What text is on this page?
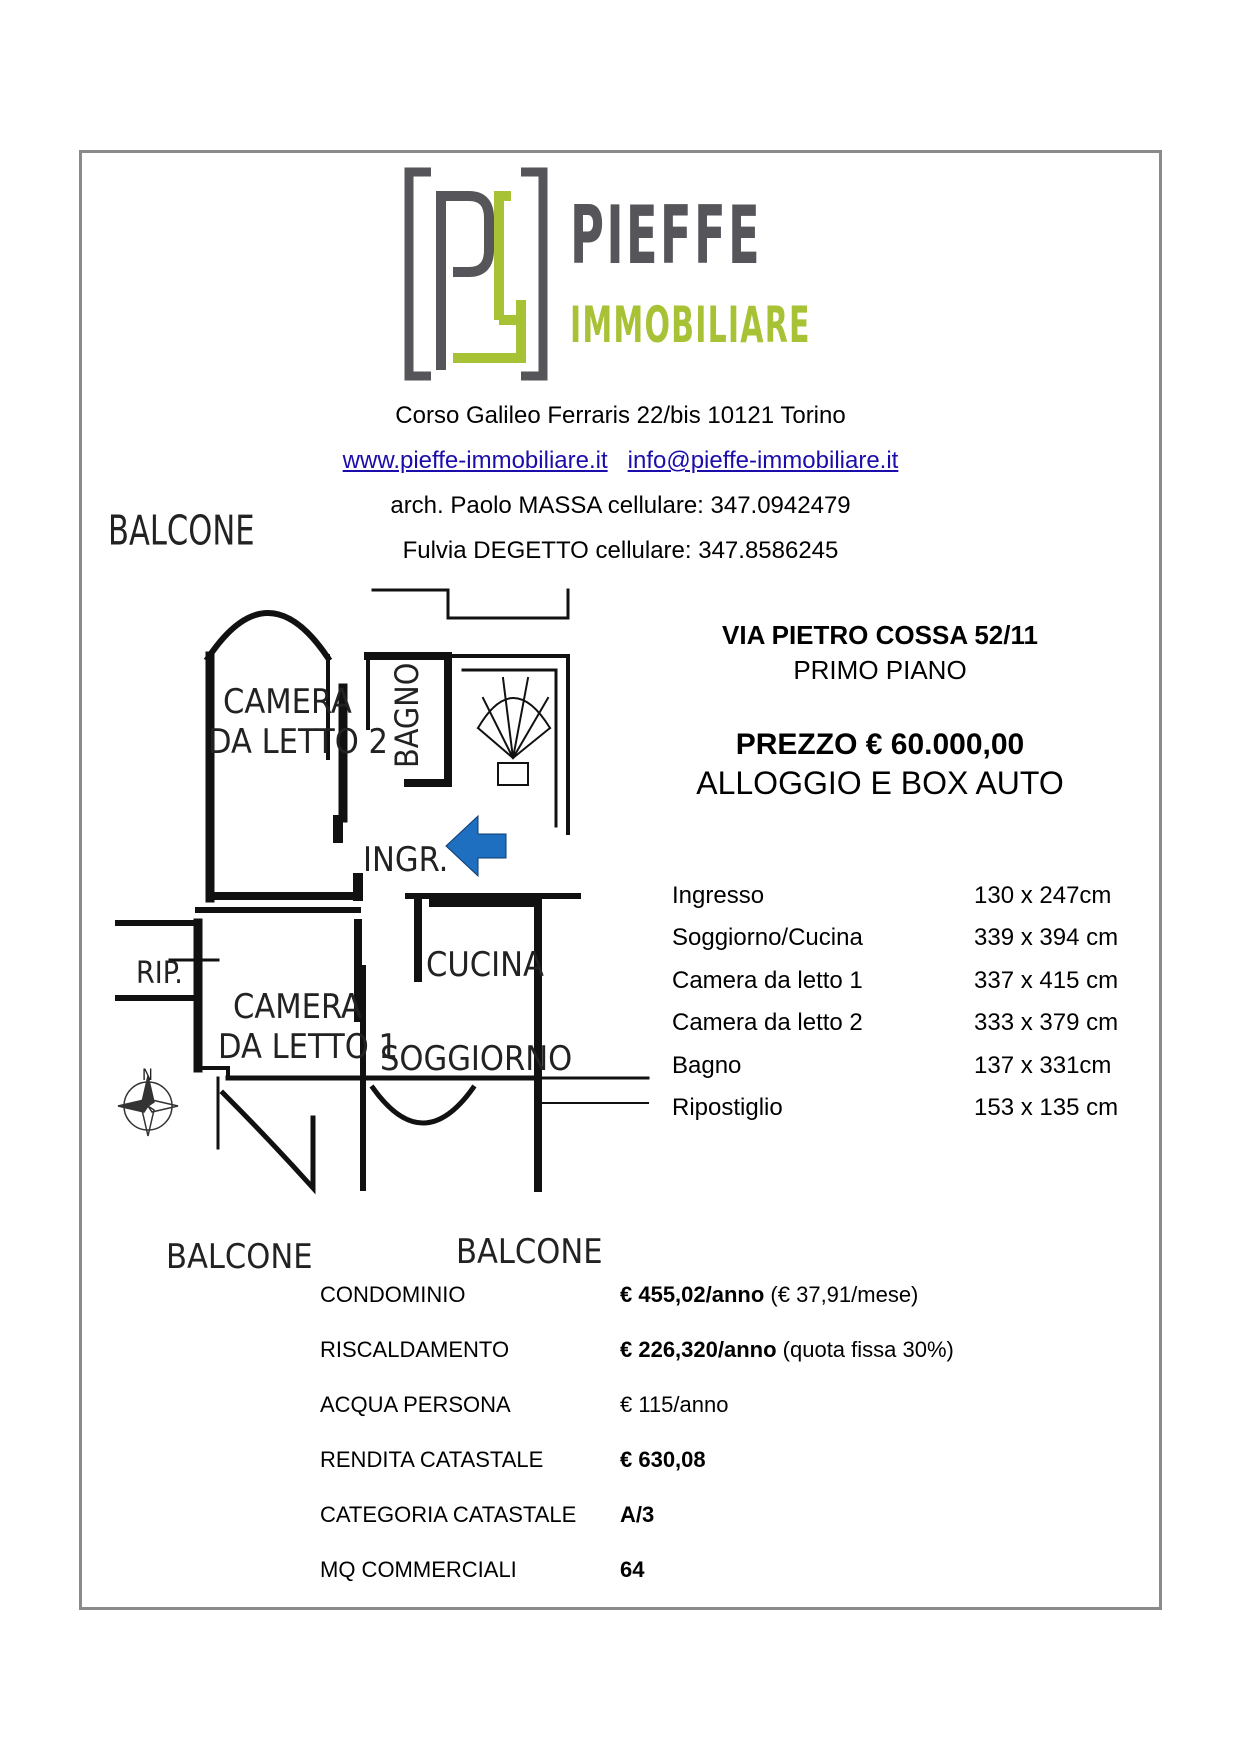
PIEFFE
IMMOBILIARE
Corso Galileo Ferraris 22/bis 10121 Torino
www.pieffe-immobiliare.it info@pieffe-immobiliare.it
arch. Paolo MASSA cellulare: 347.0942479
Fulvia DEGETTO cellulare: 347.8586245
BALCONE
CAMERA
DA LETTO 2 BAGNO
INGR.
RIP.
CAMERA
DA LETTO 1
CUCINA
SOGGIORNO
N
BALCONE	BALCONE
VIA PIETRO COSSA 52/11
PRIMO PIANO
PREZZO € 60.000,00
ALLOGGIO E BOX AUTO
Ingresso	130 x 247cm
Soggiorno/Cucina	339 x 394 cm
Camera da letto 1	337 x 415 cm
Camera da letto 2	333 x 379 cm
Bagno	137 x 331cm
Ripostiglio	153 x 135 cm
CONDOMINIO	€ 455,02/anno (€ 37,91/mese)
RISCALDAMENTO	€ 226,320/anno (quota fissa 30%)
ACQUA PERSONA	€ 115/anno
RENDITA CATASTALE	€ 630,08
CATEGORIA CATASTALE A/3
MQ COMMERCIALI	64
